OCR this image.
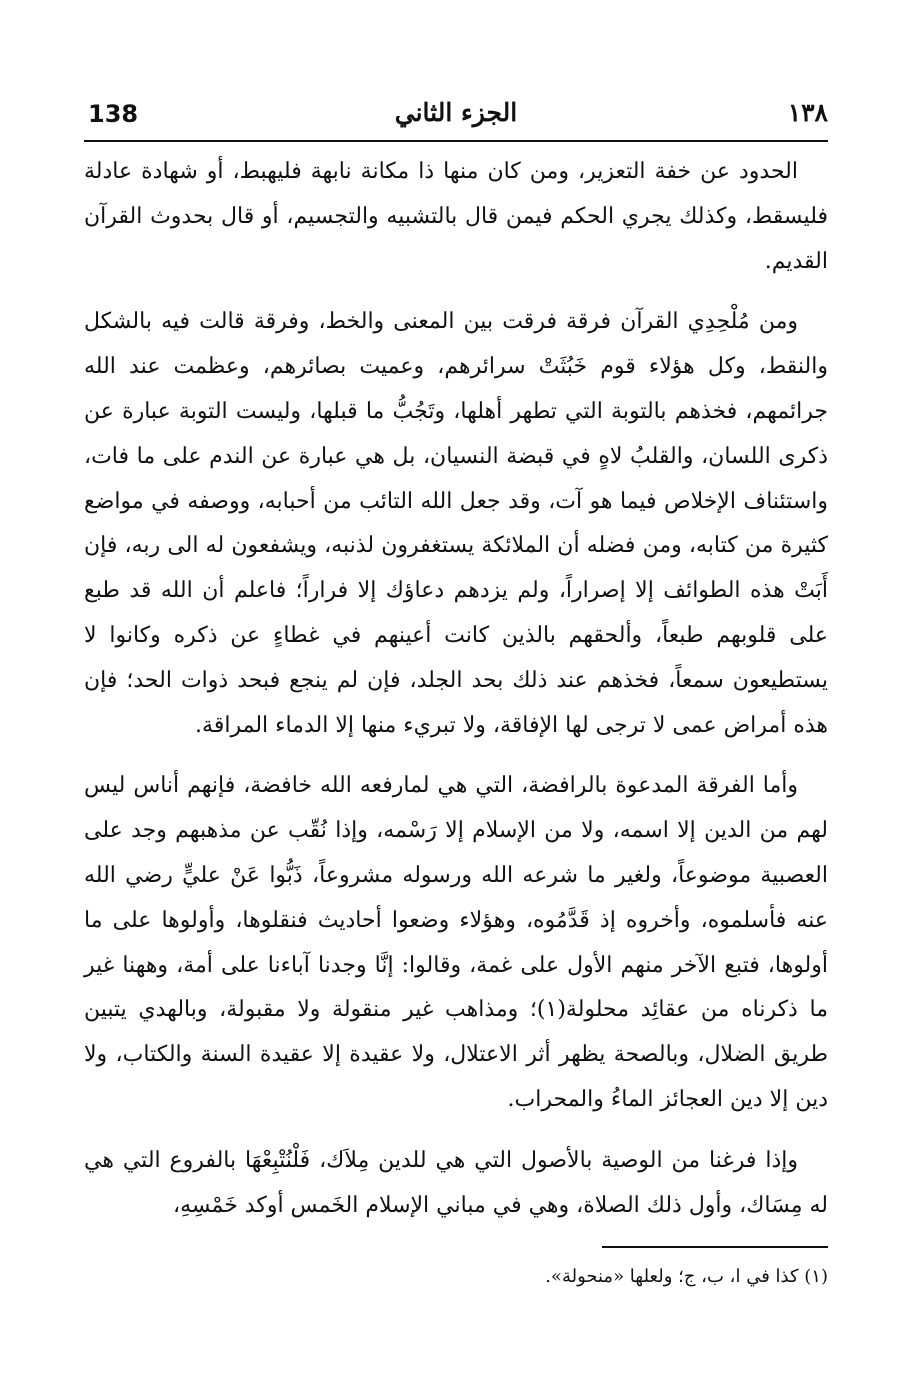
138	الجزء الثاني	١٣٨

الحدود عن خفة التعزير، ومن كان منها ذا مكانة نابهة فليهبط، أو شهادة عادلة فليسقط، وكذلك يجري الحكم فيمن قال بالتشبيه والتجسيم، أو قال بحدوث القرآن القديم.

ومن مُلْحِدِي القرآن فرقة فرقت بين المعنى والخط، وفرقة قالت فيه بالشكل والنقط، وكل هؤلاء قوم خَبُثَتْ سرائرهم، وعميت بصائرهم، وعظمت عند الله جرائمهم، فخذهم بالتوبة التي تطهر أهلها، وتَجُبُّ ما قبلها، وليست التوبة عبارة عن ذكرى اللسان، والقلبُ لاهٍ في قبضة النسيان، بل هي عبارة عن الندم على ما فات، واستئناف الإخلاص فيما هو آت، وقد جعل الله التائب من أحبابه، ووصفه في مواضع كثيرة من كتابه، ومن فضله أن الملائكة يستغفرون لذنبه، ويشفعون له الى ربه، فإن أَبَتْ هذه الطوائف إلا إصراراً، ولم يزدهم دعاؤك إلا فراراً؛ فاعلم أن الله قد طبع على قلوبهم طبعاً، وألحقهم بالذين كانت أعينهم في غطاءٍ عن ذكره وكانوا لا يستطيعون سمعاً، فخذهم عند ذلك بحد الجلد، فإن لم ينجع فبحد ذوات الحد؛ فإن هذه أمراض عمى لا ترجى لها الإفاقة، ولا تبريء منها إلا الدماء المراقة.

وأما الفرقة المدعوة بالرافضة، التي هي لمارفعه الله خافضة، فإنهم أناس ليس لهم من الدين إلا اسمه، ولا من الإسلام إلا رَسْمه، وإذا نُقّب عن مذهبهم وجد على العصبية موضوعاً، ولغير ما شرعه الله ورسوله مشروعاً، ذَبُّوا عَنْ عليٍّ رضي الله عنه فأسلموه، وأخروه إذ قَدَّمُوه، وهؤلاء وضعوا أحاديث فنقلوها، وأولوها على ما أولوها، فتبع الآخر منهم الأول على غمة، وقالوا: إنَّا وجدنا آباءنا على أمة، وههنا غير ما ذكرناه من عقائِد محلولة(١)؛ ومذاهب غير منقولة ولا مقبولة، وبالهدي يتبين طريق الضلال، وبالصحة يظهر أثر الاعتلال، ولا عقيدة إلا عقيدة السنة والكتاب، ولا دين إلا دين العجائز الماءُ والمحراب.

وإذا فرغنا من الوصية بالأصول التي هي للدين مِلاَك، فَلْنُتْبِعْهَا بالفروع التي هي له مِسَاك، وأول ذلك الصلاة، وهي في مباني الإسلام الخَمس أوكد خَمْسِهِ،

(١) كذا في ا، ب، ج؛ ولعلها «منحولة».
